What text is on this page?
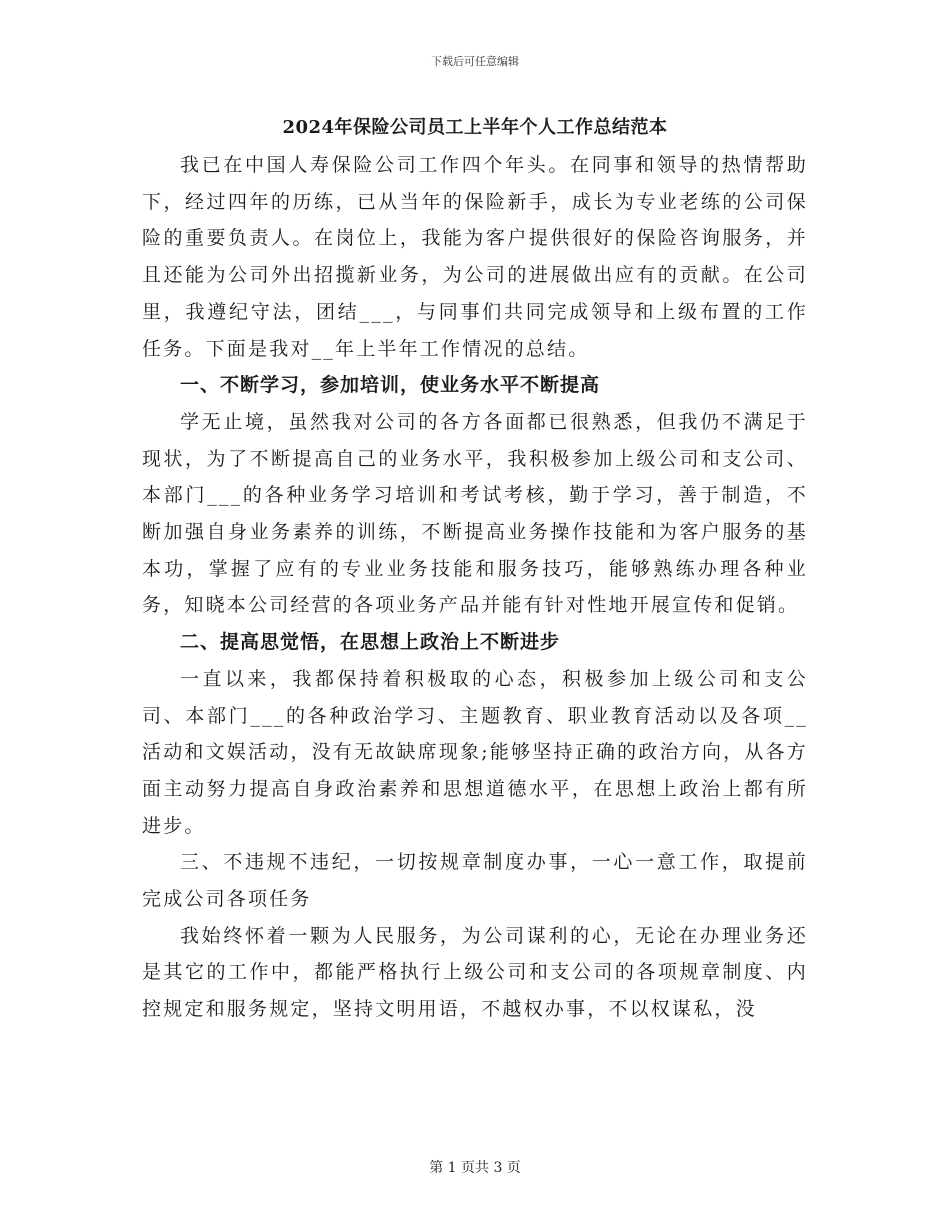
下载后可任意编辑
2024年保险公司员工上半年个人工作总结范本

我已在中国人寿保险公司工作四个年头。在同事和领导的热情帮助下，经过四年的历练，已从当年的保险新手，成长为专业老练的公司保险的重要负责人。在岗位上，我能为客户提供很好的保险咨询服务，并且还能为公司外出招揽新业务，为公司的进展做出应有的贡献。在公司里，我遵纪守法，团结___，与同事们共同完成领导和上级布置的工作任务。下面是我对__年上半年工作情况的总结。

一、不断学习，参加培训，使业务水平不断提高

学无止境，虽然我对公司的各方各面都已很熟悉，但我仍不满足于现状，为了不断提高自己的业务水平，我积极参加上级公司和支公司、本部门___的各种业务学习培训和考试考核，勤于学习，善于制造，不断加强自身业务素养的训练，不断提高业务操作技能和为客户服务的基本功，掌握了应有的专业业务技能和服务技巧，能够熟练办理各种业务，知晓本公司经营的各项业务产品并能有针对性地开展宣传和促销。

二、提高思觉悟，在思想上政治上不断进步

一直以来，我都保持着积极取的心态，积极参加上级公司和支公司、本部门___的各种政治学习、主题教育、职业教育活动以及各项__活动和文娱活动，没有无故缺席现象;能够坚持正确的政治方向，从各方面主动努力提高自身政治素养和思想道德水平，在思想上政治上都有所进步。

三、不违规不违纪，一切按规章制度办事，一心一意工作，取提前完成公司各项任务

我始终怀着一颗为人民服务，为公司谋利的心，无论在办理业务还是其它的工作中，都能严格执行上级公司和支公司的各项规章制度、内控规定和服务规定，坚持文明用语，不越权办事，不以权谋私，没

第 1 页共 3 页
